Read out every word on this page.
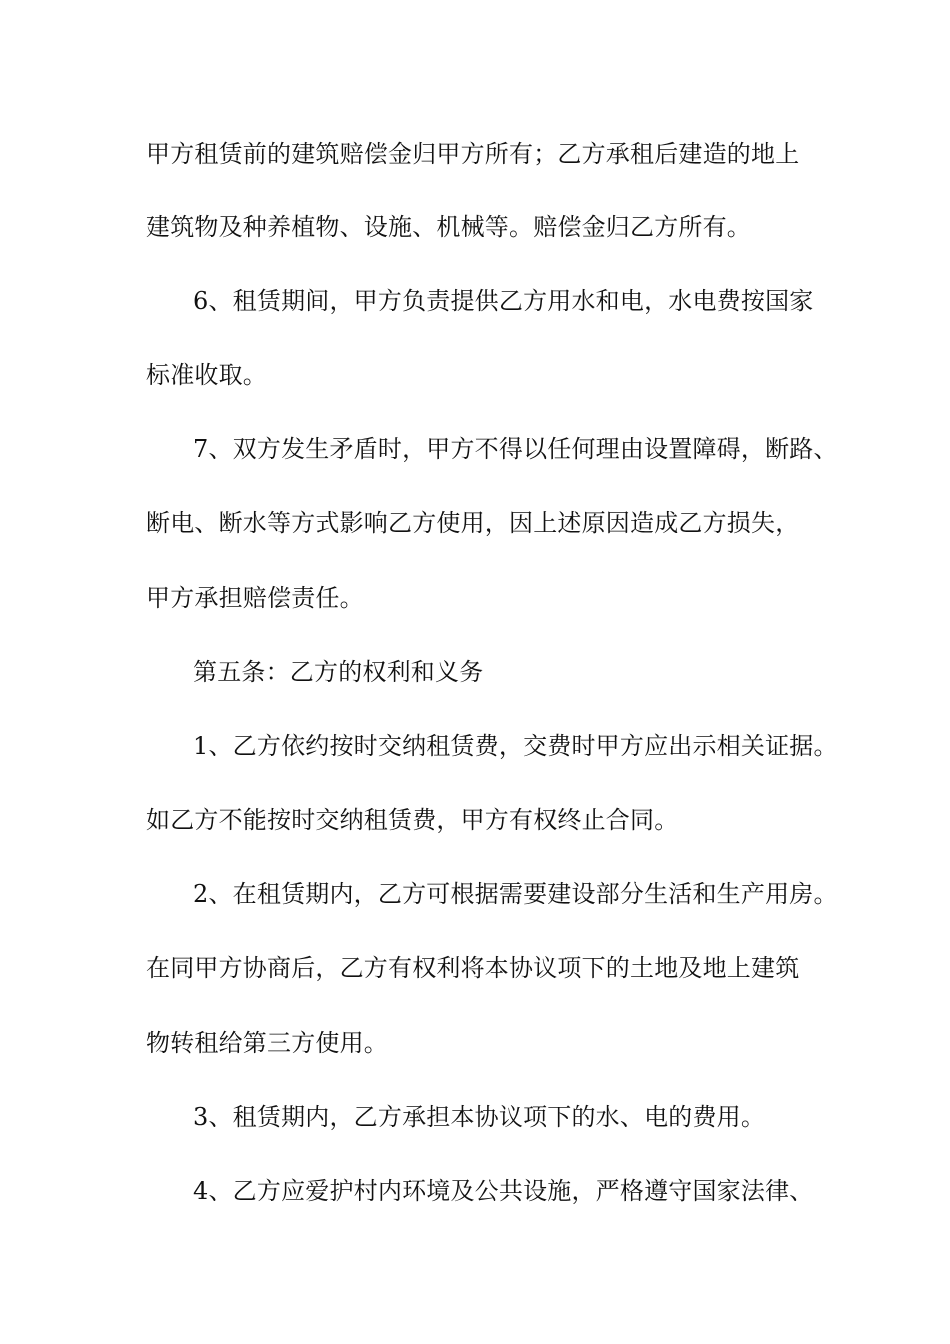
甲方租赁前的建筑赔偿金归甲方所有；乙方承租后建造的地上
建筑物及种养植物、设施、机械等。赔偿金归乙方所有。
6、租赁期间，甲方负责提供乙方用水和电，水电费按国家
标准收取。
7、双方发生矛盾时，甲方不得以任何理由设置障碍，断路、
断电、断水等方式影响乙方使用，因上述原因造成乙方损失，
甲方承担赔偿责任。
第五条：乙方的权利和义务
1、乙方依约按时交纳租赁费，交费时甲方应出示相关证据。
如乙方不能按时交纳租赁费，甲方有权终止合同。
2、在租赁期内，乙方可根据需要建设部分生活和生产用房。
在同甲方协商后，乙方有权利将本协议项下的土地及地上建筑
物转租给第三方使用。
3、租赁期内，乙方承担本协议项下的水、电的费用。
4、乙方应爱护村内环境及公共设施，严格遵守国家法律、
